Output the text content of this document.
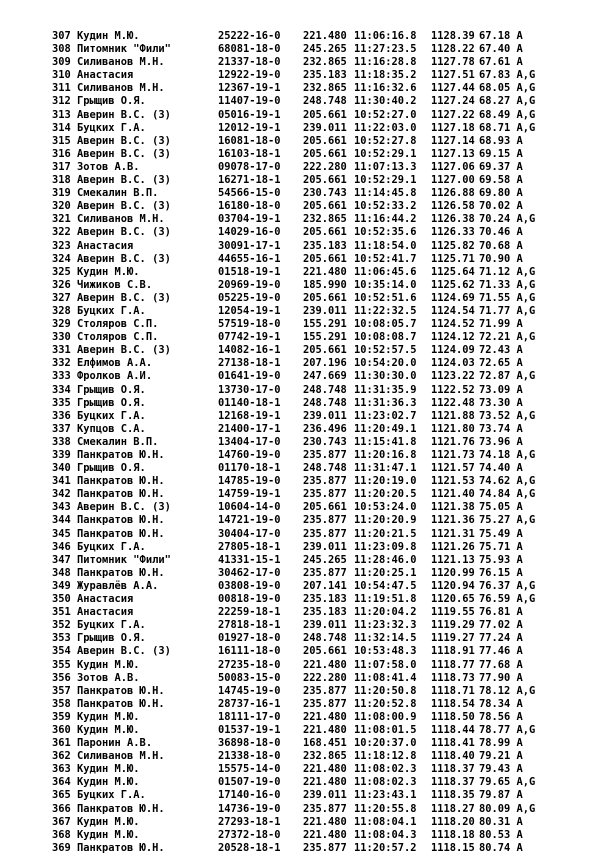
307 Кудин М.Ю.	25222-16-0 221.480 11:06:16.8 1128.39 67.18 A
308 Питомник "Фили"	68081-18-0 245.265 11:27:23.5 1128.22 67.40 A
309 Силиванов М.Н.	21337-18-0 232.865 11:16:28.8 1127.78 67.61 A
310 Анастасия	12922-19-0 235.183 11:18:35.2 1127.51 67.83 A,G
311 Силиванов М.Н.	12367-19-1 232.865 11:16:32.6 1127.44 68.05 A,G
312 Грыщив О.Я.	11407-19-0 248.748 11:30:40.2 1127.24 68.27 A,G
313 Аверин В.С. (З)	05016-19-1 205.661 10:52:27.0 1127.22 68.49 A,G
314 Буцких Г.А.	12012-19-1 239.011 11:22:03.0 1127.18 68.71 A,G
315 Аверин В.С. (З)	16081-18-0 205.661 10:52:27.8 1127.14 68.93 A
316 Аверин В.С. (З)	16103-18-1 205.661 10:52:29.1 1127.13 69.15 A
317 Зотов А.В.	09078-17-0 222.280 11:07:13.3 1127.06 69.37 A
318 Аверин В.С. (З)	16271-18-1 205.661 10:52:29.1 1127.00 69.58 A
319 Смекалин В.П.	54566-15-0 230.743 11:14:45.8 1126.88 69.80 A
320 Аверин В.С. (З)	16180-18-0 205.661 10:52:33.2 1126.58 70.02 A
321 Силиванов М.Н.	03704-19-1 232.865 11:16:44.2 1126.38 70.24 A,G
322 Аверин В.С. (З)	14029-16-0 205.661 10:52:35.6 1126.33 70.46 A
323 Анастасия	30091-17-1 235.183 11:18:54.0 1125.82 70.68 A
324 Аверин В.С. (З)	44655-16-1 205.661 10:52:41.7 1125.71 70.90 A
325 Кудин М.Ю.	01518-19-1 221.480 11:06:45.6 1125.64 71.12 A,G
326 Чижиков С.В.	20969-19-0 185.990 10:35:14.0 1125.62 71.33 A,G
327 Аверин В.С. (З)	05225-19-0 205.661 10:52:51.6 1124.69 71.55 A,G
328 Буцких Г.А.	12054-19-1 239.011 11:22:32.5 1124.54 71.77 A,G
329 Столяров С.П.	57519-18-0 155.291 10:08:05.7 1124.52 71.99 A
330 Столяров С.П.	07742-19-1 155.291 10:08:08.7 1124.12 72.21 A,G
331 Аверин В.С. (З)	14082-16-1 205.661 10:52:57.5 1124.09 72.43 A
332 Елфимов А.А.	27138-18-1 207.196 10:54:20.0 1124.03 72.65 A
333 Фролков А.И.	01641-19-0 247.669 11:30:30.0 1123.22 72.87 A,G
334 Грыщив О.Я.	13730-17-0 248.748 11:31:35.9 1122.52 73.09 A
335 Грыщив О.Я.	01140-18-1 248.748 11:31:36.3 1122.48 73.30 A
336 Буцких Г.А.	12168-19-1 239.011 11:23:02.7 1121.88 73.52 A,G
337 Купцов С.А.	21400-17-1 236.496 11:20:49.1 1121.80 73.74 A
338 Смекалин В.П.	13404-17-0 230.743 11:15:41.8 1121.76 73.96 A
339 Панкратов Ю.Н.	14760-19-0 235.877 11:20:16.8 1121.73 74.18 A,G
340 Грыщив О.Я.	01170-18-1 248.748 11:31:47.1 1121.57 74.40 A
341 Панкратов Ю.Н.	14785-19-0 235.877 11:20:19.0 1121.53 74.62 A,G
342 Панкратов Ю.Н.	14759-19-1 235.877 11:20:20.5 1121.40 74.84 A,G
343 Аверин В.С. (З)	10604-14-0 205.661 10:53:24.0 1121.38 75.05 A
344 Панкратов Ю.Н.	14721-19-0 235.877 11:20:20.9 1121.36 75.27 A,G
345 Панкратов Ю.Н.	30404-17-0 235.877 11:20:21.5 1121.31 75.49 A
346 Буцких Г.А.	27805-18-1 239.011 11:23:09.8 1121.26 75.71 A
347 Питомник "Фили"	41331-15-1 245.265 11:28:46.0 1121.13 75.93 A
348 Панкратов Ю.Н.	30462-17-0 235.877 11:20:25.1 1120.99 76.15 A
349 Журавлёв А.А.	03808-19-0 207.141 10:54:47.5 1120.94 76.37 A,G
350 Анастасия	00818-19-0 235.183 11:19:51.8 1120.65 76.59 A,G
351 Анастасия	22259-18-1 235.183 11:20:04.2 1119.55 76.81 A
352 Буцких Г.А.	27818-18-1 239.011 11:23:32.3 1119.29 77.02 A
353 Грыщив О.Я.	01927-18-0 248.748 11:32:14.5 1119.27 77.24 A
354 Аверин В.С. (З)	16111-18-0 205.661 10:53:48.3 1118.91 77.46 A
355 Кудин М.Ю.	27235-18-0 221.480 11:07:58.0 1118.77 77.68 A
356 Зотов А.В.	50083-15-0 222.280 11:08:41.4 1118.73 77.90 A
357 Панкратов Ю.Н.	14745-19-0 235.877 11:20:50.8 1118.71 78.12 A,G
358 Панкратов Ю.Н.	28737-16-1 235.877 11:20:52.8 1118.54 78.34 A
359 Кудин М.Ю.	18111-17-0 221.480 11:08:00.9 1118.50 78.56 A
360 Кудин М.Ю.	01537-19-1 221.480 11:08:01.5 1118.44 78.77 A,G
361 Паронин А.В.	36898-18-0 168.451 10:20:37.0 1118.41 78.99 A
362 Силиванов М.Н.	21338-18-0 232.865 11:18:12.8 1118.40 79.21 A
363 Кудин М.Ю.	15575-14-0 221.480 11:08:02.3 1118.37 79.43 A
364 Кудин М.Ю.	01507-19-0 221.480 11:08:02.3 1118.37 79.65 A,G
365 Буцких Г.А.	17140-16-0 239.011 11:23:43.1 1118.35 79.87 A
366 Панкратов Ю.Н.	14736-19-0 235.877 11:20:55.8 1118.27 80.09 A,G
367 Кудин М.Ю.	27293-18-1 221.480 11:08:04.1 1118.20 80.31 A
368 Кудин М.Ю.	27372-18-0 221.480 11:08:04.3 1118.18 80.53 A
369 Панкратов Ю.Н.	20528-18-1 235.877 11:20:57.2 1118.15 80.74 A
